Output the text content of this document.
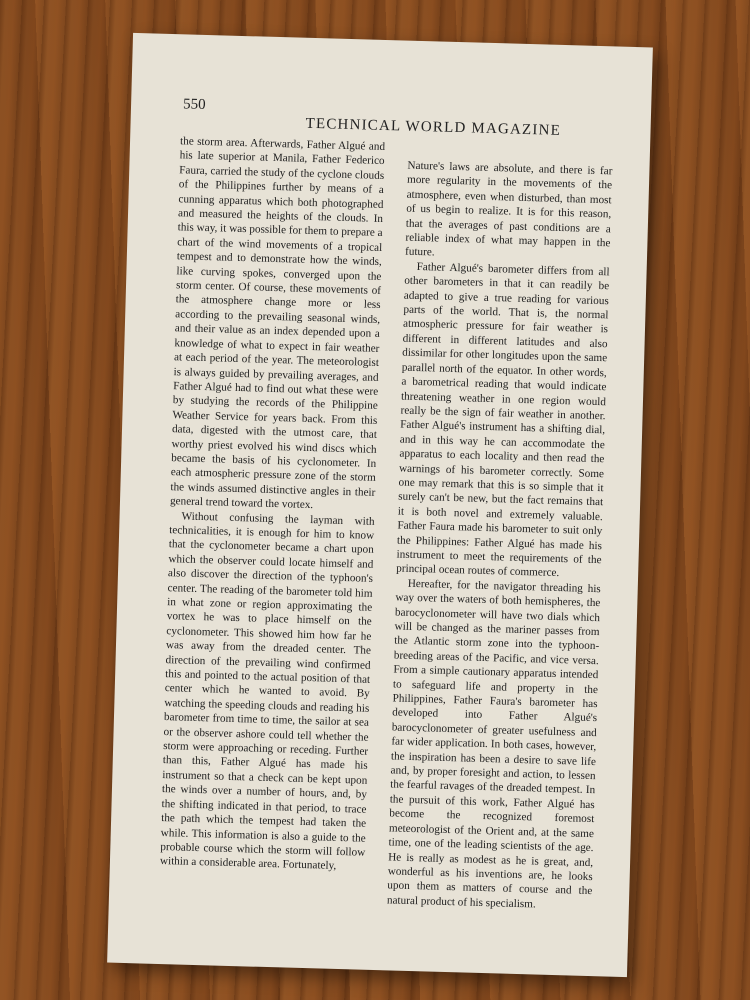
550
TECHNICAL WORLD MAGAZINE

the storm area. Afterwards, Father Algué and his late superior at Manila, Father Federico Faura, carried the study of the cyclone clouds of the Philippines further by means of a cunning apparatus which both photographed and measured the heights of the clouds. In this way, it was possible for them to prepare a chart of the wind movements of a tropical tempest and to demonstrate how the winds, like curving spokes, converged upon the storm center. Of course, these movements of the atmosphere change more or less according to the prevailing seasonal winds, and their value as an index depended upon a knowledge of what to expect in fair weather at each period of the year. The meteorologist is always guided by prevailing averages, and Father Algué had to find out what these were by studying the records of the Philippine Weather Service for years back. From this data, digested with the utmost care, that worthy priest evolved his wind discs which became the basis of his cyclonometer. In each atmospheric pressure zone of the storm the winds assumed distinctive angles in their general trend toward the vortex.

Without confusing the layman with technicalities, it is enough for him to know that the cyclonometer became a chart upon which the observer could locate himself and also discover the direction of the typhoon's center. The reading of the barometer told him in what zone or region approximating the vortex he was to place himself on the cyclonometer. This showed him how far he was away from the dreaded center. The direction of the prevailing wind confirmed this and pointed to the actual position of that center which he wanted to avoid. By watching the speeding clouds and reading his barometer from time to time, the sailor at sea or the observer ashore could tell whether the storm were approaching or receding. Further than this, Father Algué has made his instrument so that a check can be kept upon the winds over a number of hours, and, by the shifting indicated in that period, to trace the path which the tempest had taken the while. This information is also a guide to the probable course which the storm will follow within a considerable area. Fortunately,

Nature's laws are absolute, and there is far more regularity in the movements of the atmosphere, even when disturbed, than most of us begin to realize. It is for this reason, that the averages of past conditions are a reliable index of what may happen in the future.

Father Algué's barometer differs from all other barometers in that it can readily be adapted to give a true reading for various parts of the world. That is, the normal atmospheric pressure for fair weather is different in different latitudes and also dissimilar for other longitudes upon the same parallel north of the equator. In other words, a barometrical reading that would indicate threatening weather in one region would really be the sign of fair weather in another. Father Algué's instrument has a shifting dial, and in this way he can accommodate the apparatus to each locality and then read the warnings of his barometer correctly. Some one may remark that this is so simple that it surely can't be new, but the fact remains that it is both novel and extremely valuable. Father Faura made his barometer to suit only the Philippines: Father Algué has made his instrument to meet the requirements of the principal ocean routes of commerce.

Hereafter, for the navigator threading his way over the waters of both hemispheres, the barocyclonometer will have two dials which will be changed as the mariner passes from the Atlantic storm zone into the typhoon-breeding areas of the Pacific, and vice versa. From a simple cautionary apparatus intended to safeguard life and property in the Philippines, Father Faura's barometer has developed into Father Algué's barocyclonometer of greater usefulness and far wider application. In both cases, however, the inspiration has been a desire to save life and, by proper foresight and action, to lessen the fearful ravages of the dreaded tempest. In the pursuit of this work, Father Algué has become the recognized foremost meteorologist of the Orient and, at the same time, one of the leading scientists of the age. He is really as modest as he is great, and, wonderful as his inventions are, he looks upon them as matters of course and the natural product of his specialism.
